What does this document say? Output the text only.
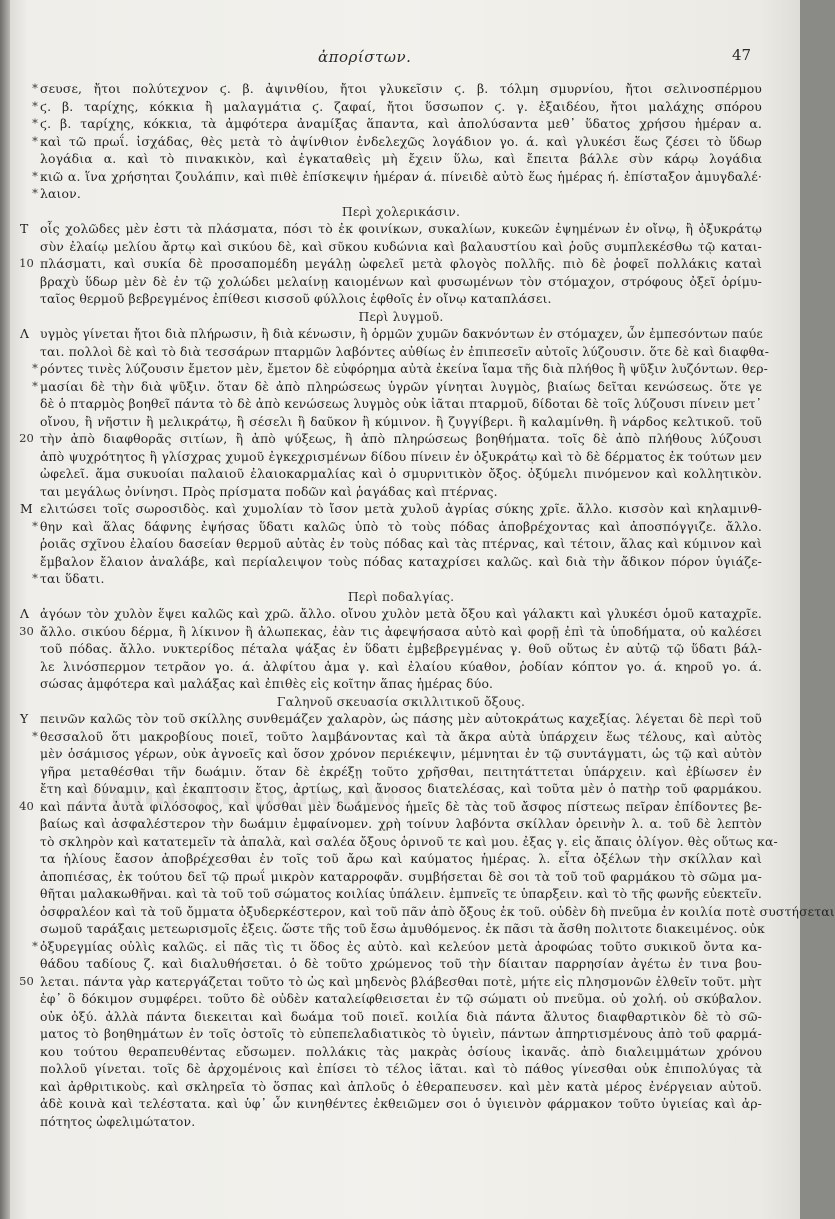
ἀπορίστων.	47
* σευσε, ἤτοι πολύτεχνον ϛ. β. ἀψινθίου, ἤτοι γλυκεῖσιν ϛ. β. τόλμη σμυρνίου, ἤτοι σελινοσπέρμου
* ϛ. β. ταρίχης, κόκκια ἢ μαλαγμάτια ϛ. ζαφαί, ἤτοι ὕσσωπον ϛ. γ. ἐξαιδέου, ἤτοι μαλάχης σπόρου
* ϛ. β. ταρίχης, κόκκια, τὰ ἀμφότερα ἀναμίξας ἅπαντα, καὶ ἀπολύσαντα μεθ᾽ ὕδατος χρήσου ἡμέραν α.
* καὶ τῶ πρωΐ. ἰσχάδας, θὲς μετὰ τὸ ἀψίνθιον ἐνδελεχῶς λογάδιον γο. ά. καὶ γλυκέσι ἕως ζέσει τὸ ὕδωρ
λογάδια α. καὶ τὸ πινακικὸν, καὶ ἐγκαταθεὶς μὴ ἔχειν ὕλω, καὶ ἔπειτα βάλλε σὺν κάρῳ λογάδια
* κιῶ α. ἵνα χρήσηται ζουλάπιν, καὶ πιθὲ ἐπίσκεψιν ἡμέραν ά. πίνειδὲ αὐτὸ ἕως ἡμέρας ή. ἐπίσταξον ἀμυγδαλέ·
* λαιον.
Περὶ χολερικάσιν.
Τ οἷς χολῶδες μὲν ἐστι τὰ πλάσματα, πόσι τὸ ἐκ φοινίκων, συκαλίων, κυκεῶν ἐψημένων ἐν οἴνῳ, ἢ ὀξυκράτῳ
σὺν ἐλαίῳ μελίου ἄρτῳ καὶ σικύου δὲ, καὶ σῦκου κυδώνια καὶ βαλαυστίου καὶ ῥοῦς συμπλεκέσθω τῷ καται-
10 πλάσματι, καὶ συκία δὲ προσαπομέδη μεγάλῃ ὠφελεῖ μετὰ φλογὸς πολλῆς. πιὸ δὲ ῥοφεῖ πολλάκις καταὶ
βραχὺ ὕδωρ μὲν δὲ ἐν τῷ χολώδει μελαίνῃ καιομένων καὶ φυσωμένων τὸν στόμαχον, στρόφους ὀξεῖ ὁρίμυ-
ταῖος θερμοῦ βεβρεγμένος ἐπίθεσι κισσοῦ φύλλοις ἑφθοῖς ἐν οἴνῳ καταπλάσει.
Περὶ λυγμοῦ.
Λ υγμὸς γίνεται ἤτοι διὰ πλήρωσιν, ἢ διὰ κένωσιν, ἢ ὁρμῶν χυμῶν δακνόντων ἐν στόμαχεν, ὧν ἐμπεσόντων παύε
ται. πολλοὶ δὲ καὶ τὸ διὰ τεσσάρων πταρμῶν λαβόντες αὐθίως ἐν ἐπιπεσεῖν αὐτοῖς λύζουσιν. ὅτε δὲ καὶ διαφθα-
* ρόντες τινὲς λύζουσιν ἔμετον μὲν, ἔμετον δὲ εὐφόρημα αὐτὰ ἐκείνα ἴαμα τῆς διὰ πλήθος ἢ ψῦξιν λυζόντων. θερ-
* μασίαι δὲ τὴν διὰ ψῦξιν. ὅταν δὲ ἀπὸ πληρώσεως ὑγρῶν γίνηται λυγμὸς, βιαίως δεῖται κενώσεως. ὅτε γε
δὲ ὁ πταρμὸς βοηθεῖ πάντα τὸ δὲ ἀπὸ κενώσεως λυγμὸς οὐκ ἰᾶται πταρμοῦ, δίδοται δὲ τοῖς λύζουσι πίνειν μετ᾽
οἴνου, ἢ νῆστιν ἢ μελικράτῳ, ἢ σέσελι ἢ δαῦκον ἢ κύμινον. ἢ ζυγγίβερι. ἢ καλαμίνθη. ἢ νάρδος κελτικοῦ. τοῦ
20 τὴν ἀπὸ διαφθορᾶς σιτίων, ἢ ἀπὸ ψύξεως, ἢ ἀπὸ πληρώσεως βοηθήματα. τοῖς δὲ ἀπὸ πλήθους λύζουσι
ἀπὸ ψυχρότητος ἢ γλίσχρας χυμοῦ ἐγκεχρισμένων δίδου πίνειν ἐν ὀξυκράτῳ καὶ τὸ δὲ δέρματος ἐκ τούτων μεν
ὠφελεῖ. ἅμα συκυοίαι παλαιοῦ ἐλαιοκαρμαλίας καὶ ὁ σμυρνιτικὸν ὄξος. ὀξύμελι πινόμενον καὶ κολλητικὸν.
ται μεγάλως ὀνίνησι. Πρὸς πρίσματα ποδῶν καὶ ῥαγάδας καὶ πτέρνας.
Μ ελιτώσει τοῖς σωροσιδὸς. καὶ χυμολίαν τὸ ἴσον μετὰ χυλοῦ ἀγρίας σύκης χρῖε. ἄλλο. κισσὸν καὶ κηλαμινθ-
* θην καὶ ἅλας δάφνης ἐψήσας ὕδατι καλῶς ὑπὸ τὸ τοὺς πόδας ἀποβρέχοντας καὶ ἀποσπόγγιζε. ἄλλο.
ῥοιᾶς σχῖνου ἐλαίου δασείαν θερμοῦ αὐτὰς ἐν τοὺς πόδας καὶ τὰς πτέρνας, καὶ τέτοιν, ἅλας καὶ κύμινον καὶ
ἔμβαλον ἔλαιον ἀναλάβε, καὶ περίαλειψον τοὺς πόδας καταχρίσει καλῶς. καὶ διὰ τὴν ἄδικον πόρον ὑγιάζε-
* ται ὕδατι.
Περὶ ποδαλγίας.
Λ ἀγόων τὸν χυλὸν ἕψει καλῶς καὶ χρῶ. ἄλλο. οἴνου χυλὸν μετὰ ὄξου καὶ γάλακτι καὶ γλυκέσι ὁμοῦ καταχρῖε.
30 ἄλλο. σικύου δέρμα, ἢ λίκινον ἢ ἀλωπεκας, ἐὰν τις ἀφεψήσασα αὐτὸ καὶ φορῇ ἐπὶ τὰ ὑποδήματα, οὐ καλέσει
τοῦ πόδας. ἄλλο. νυκτερίδος πέταλα ψάξας ἐν ὕδατι ἐμβεβρεγμένας γ. θοῦ οὕτως ἐν αὐτῷ τῷ ὕδατι βάλ-
λε λινόσπερμον τετρᾶον γο. ά. ἀλφίτου ἀμα γ. καὶ ἐλαίου κύαθον, ῥοδίαν κόπτον γο. ά. κηροῦ γο. ά.
σώσας ἀμφότερα καὶ μαλάξας καὶ ἐπιθὲς εἰς κοῖτην ἅπας ἡμέρας δύο.
Γαληνοῦ σκευασία σκιλλιτικοῦ ὄξους.
Υ πεινῶν καλῶς τὸν τοῦ σκίλλης συνθεμάζεν χαλαρὸν, ὡς πάσης μὲν αὐτοκράτως καχεξίας. λέγεται δὲ περὶ τοῦ
* θεσσαλοῦ ὅτι μακροβίους ποιεῖ, τοῦτο λαμβάνοντας καὶ τὰ ἄκρα αὐτὰ ὑπάρχειν ἕως τέλους, καὶ αὐτὸς
μὲν ὁσάμισος γέρων, οὐκ ἀγνοεῖς καὶ ὅσον χρόνον περιέκεψιν, μέμνηται ἐν τῷ συντάγματι, ὡς τῷ καὶ αὐτὸν
γῆρα μεταθέσθαι τῆν δωάμιν. ὅταν δὲ ἐκρέξῃ τοῦτο χρῆσθαι, πειτητάττεται ὑπάρχειν. καὶ ἐβίωσεν ἐν
ἔτη καὶ δύναμιν, καὶ ἐκαπτοσιν ἔτος, ἀρτίως, καὶ ἄνοσος διατελέσας, καὶ τοῦτα μὲν ὁ πατὴρ τοῦ φαρμάκου.
40 καὶ πάντα ἀυτὰ φιλόσοφος, καὶ ψύσθαι μὲν δωάμενος ἡμεῖς δὲ τὰς τοῦ ἄσφος πίστεως πεῖραν ἐπίδοντες βε-
βαίως καὶ ἀσφαλέστερον τὴν δωάμιν ἐμφαίνομεν. χρὴ τοίνυν λαβόντα σκίλλαν ὀρεινὴν λ. α. τοῦ δὲ λεπτὸν
τὸ σκληρὸν καὶ κατατεμεῖν τὰ ἀπαλὰ, καὶ σαλέα ὄξους ὁρινοῦ τε καὶ μου. ἐξας γ. εἰς ἄπαις ὀλίγον. θὲς οὕτως κα-
τα ἡλίους ἔασον ἀποβρέχεσθαι ἐν τοῖς τοῦ ἄρω καὶ καύματος ἡμέρας. λ. εἶτα ὀξέλων τὴν σκίλλαν καὶ
ἀποπιέσας, ἐκ τούτου δεῖ τῷ πρωΐ μικρὸν καταρροφᾶν. συμβήσεται δὲ σοι τὰ τοῦ τοῦ φαρμάκου τὸ σῶμα μα-
θῆται μαλακωθῆναι. καὶ τὰ τοῦ τοῦ σώματος κοιλίας ὑπάλειν. ἐμπνεῖς τε ὑπαρξειν. καὶ τὸ τῆς φωνῆς εὐεκτεῖν.
ὀσφραλέον καὶ τὰ τοῦ ὄμματα ὀξυδερκέστερον, καὶ τοῦ πᾶν ἀπὸ ὄξους ἐκ τοῦ. οὐδὲν δὴ πνεῦμα ἐν κοιλία ποτὲ συστήσεται
σωμοῦ ταράξαις μετεωρισμοῖς ἐξεις. ὥστε τῆς τοῦ ἔσω ἀμυθόμενος. ἐκ πᾶσι τὰ ἄσθη πολιτοτε διακειμένος. οὐκ
* ὀξυρεγμίας οὐλὶς καλῶς. εἰ πᾶς τὶς τι ὅδος ἐς αὐτὸ. καὶ κελεύον μετὰ ἀροφώας τοῦτο συκικοῦ ὄντα κα-
θάδου ταδίους ζ. καὶ διαλυθήσεται. ὁ δὲ τοῦτο χρώμενος τοῦ τὴν δίαιταν παρρησίαν ἀγέτω ἐν τινα βου-
50 λεται. πάντα γὰρ κατεργάζεται τοῦτο τὸ ὠς καὶ μηδενὸς βλάβεσθαι ποτὲ, μήτε εἰς πλησμονῶν ἐλθεῖν τοῦτ. μὴτ
ἐφ᾽ ὃ δόκιμον συμφέρει. τοῦτο δὲ οὐδὲν καταλείφθεισεται ἐν τῷ σώματι οὐ πνεῦμα. οὐ χολή. οὐ σκύβαλον.
οὐκ ὀξύ. ἀλλὰ πάντα διεκειται καὶ δωάμα τοῦ ποιεῖ. κοιλία διὰ πάντα ἄλυτος διαφθαρτικὸν δὲ τὸ σῶ-
ματος τὸ βοηθημάτων ἐν τοῖς ὀστοῖς τὸ εὐπεπελαδιατικὸς τὸ ὑγιεὶν, πάντων ἀπηρτισμένους ἀπὸ τοῦ φαρμά-
κου τούτου θεραπευθέντας εὔσωμεν. πολλάκις τὰς μακρὰς ὁσίους ἰκανᾶς. ἀπὸ διαλειμμάτων χρόνου
πολλοῦ γίνεται. τοῖς δὲ ἀρχομένοις καὶ ἐπίσει τὸ τέλος ἰᾶται. καὶ τὸ πάθος γίνεσθαι οὐκ ἐπιπολύγας τὰ
καὶ ἀρθριτικοὺς. καὶ σκληρεῖα τὸ ὅσπας καὶ ἀπλοῦς ὁ ἐθεραπευσεν. καὶ μὲν κατὰ μέρος ἐνέργειαν αὐτοῦ.
ἀδὲ κοινὰ καὶ τελέστατα. καὶ ὑφ᾽ ὧν κινηθέντες ἐκθειῶμεν σοι ὁ ὑγιεινὸν φάρμακον τοῦτο ὑγιείας καὶ ἀρ-
πότητος ὠφελιμώτατον.
